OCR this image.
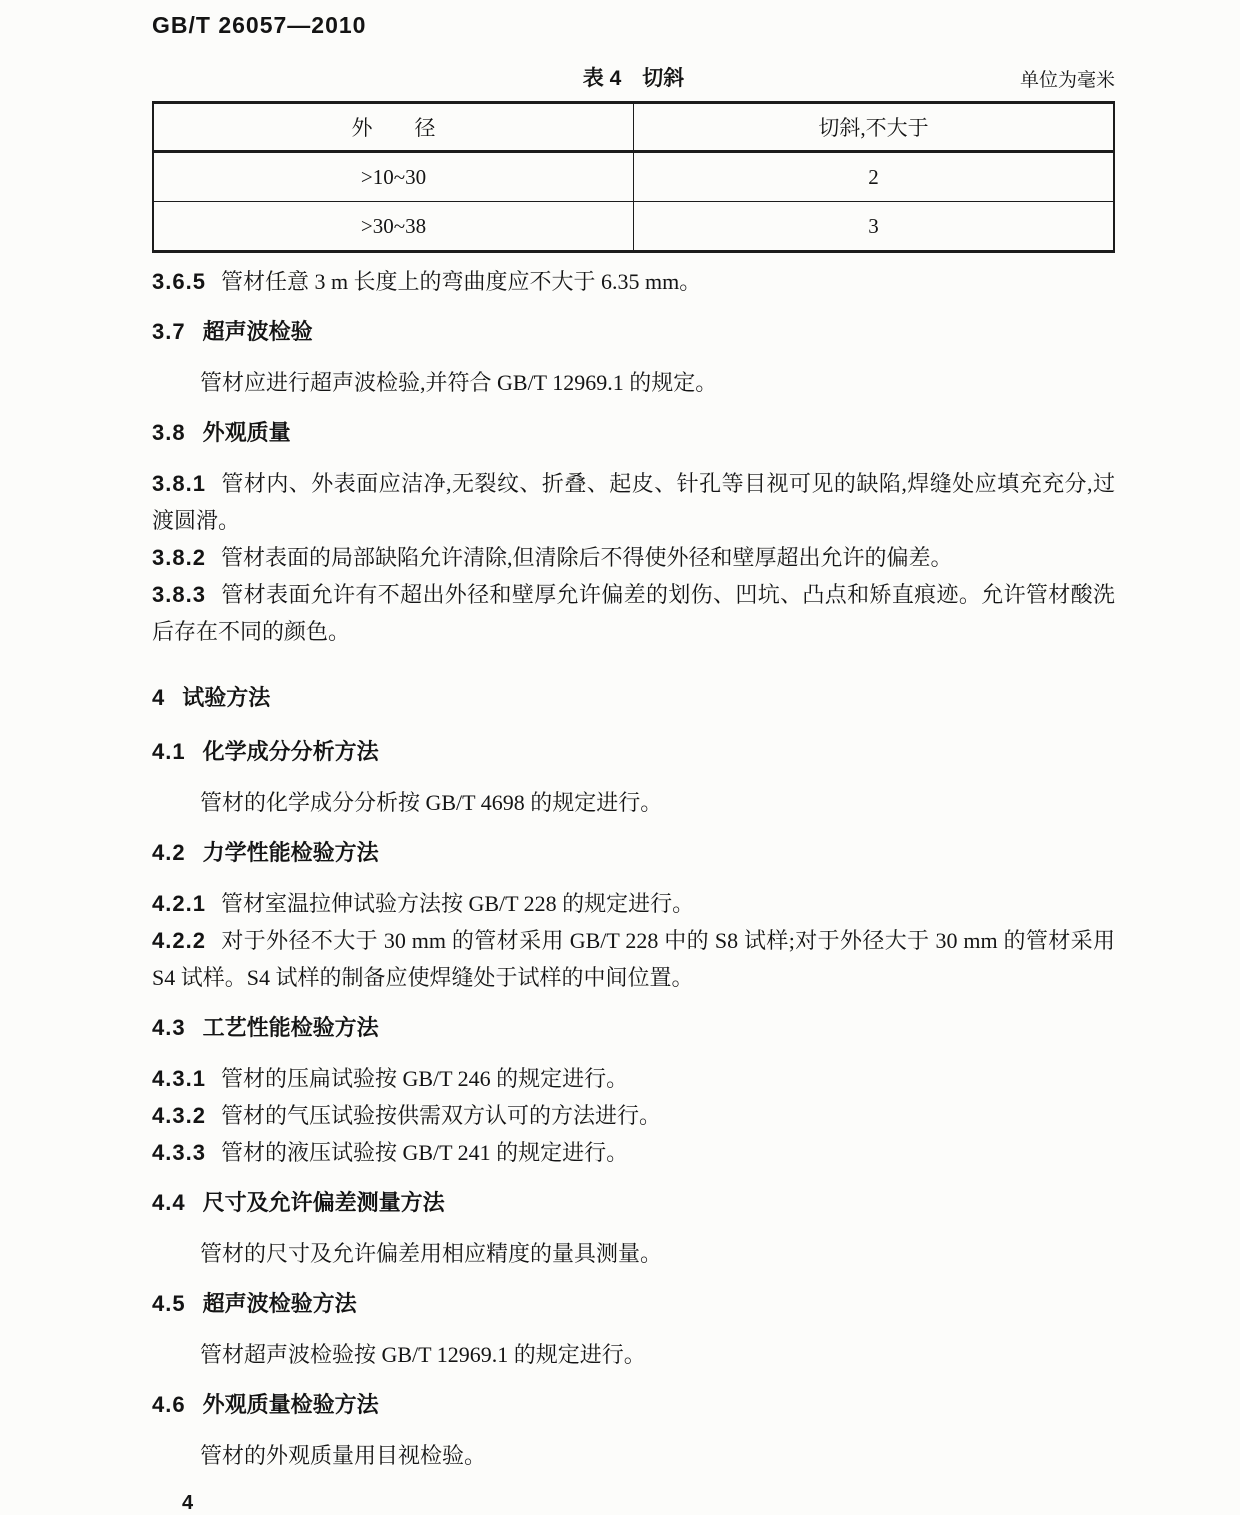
GB/T 26057—2010
表 4　切斜	单位为毫米
外　　径	切斜,不大于
>10~30	2
>30~38	3
3.6.5 管材任意 3 m 长度上的弯曲度应不大于 6.35 mm。
3.7 超声波检验

管材应进行超声波检验,并符合 GB/T 12969.1 的规定。

3.8 外观质量
3.8.1 管材内、外表面应洁净,无裂纹、折叠、起皮、针孔等目视可见的缺陷,焊缝处应填充充分,过渡圆滑。
3.8.2 管材表面的局部缺陷允许清除,但清除后不得使外径和壁厚超出允许的偏差。
3.8.3 管材表面允许有不超出外径和壁厚允许偏差的划伤、凹坑、凸点和矫直痕迹。允许管材酸洗后存在不同的颜色。
4 试验方法
4.1 化学成分分析方法

管材的化学成分分析按 GB/T 4698 的规定进行。

4.2 力学性能检验方法
4.2.1 管材室温拉伸试验方法按 GB/T 228 的规定进行。
4.2.2 对于外径不大于 30 mm 的管材采用 GB/T 228 中的 S8 试样;对于外径大于 30 mm 的管材采用 S4 试样。S4 试样的制备应使焊缝处于试样的中间位置。
4.3 工艺性能检验方法
4.3.1 管材的压扁试验按 GB/T 246 的规定进行。
4.3.2 管材的气压试验按供需双方认可的方法进行。
4.3.3 管材的液压试验按 GB/T 241 的规定进行。
4.4 尺寸及允许偏差测量方法

管材的尺寸及允许偏差用相应精度的量具测量。

4.5 超声波检验方法

管材超声波检验按 GB/T 12969.1 的规定进行。

4.6 外观质量检验方法

管材的外观质量用目视检验。

4
